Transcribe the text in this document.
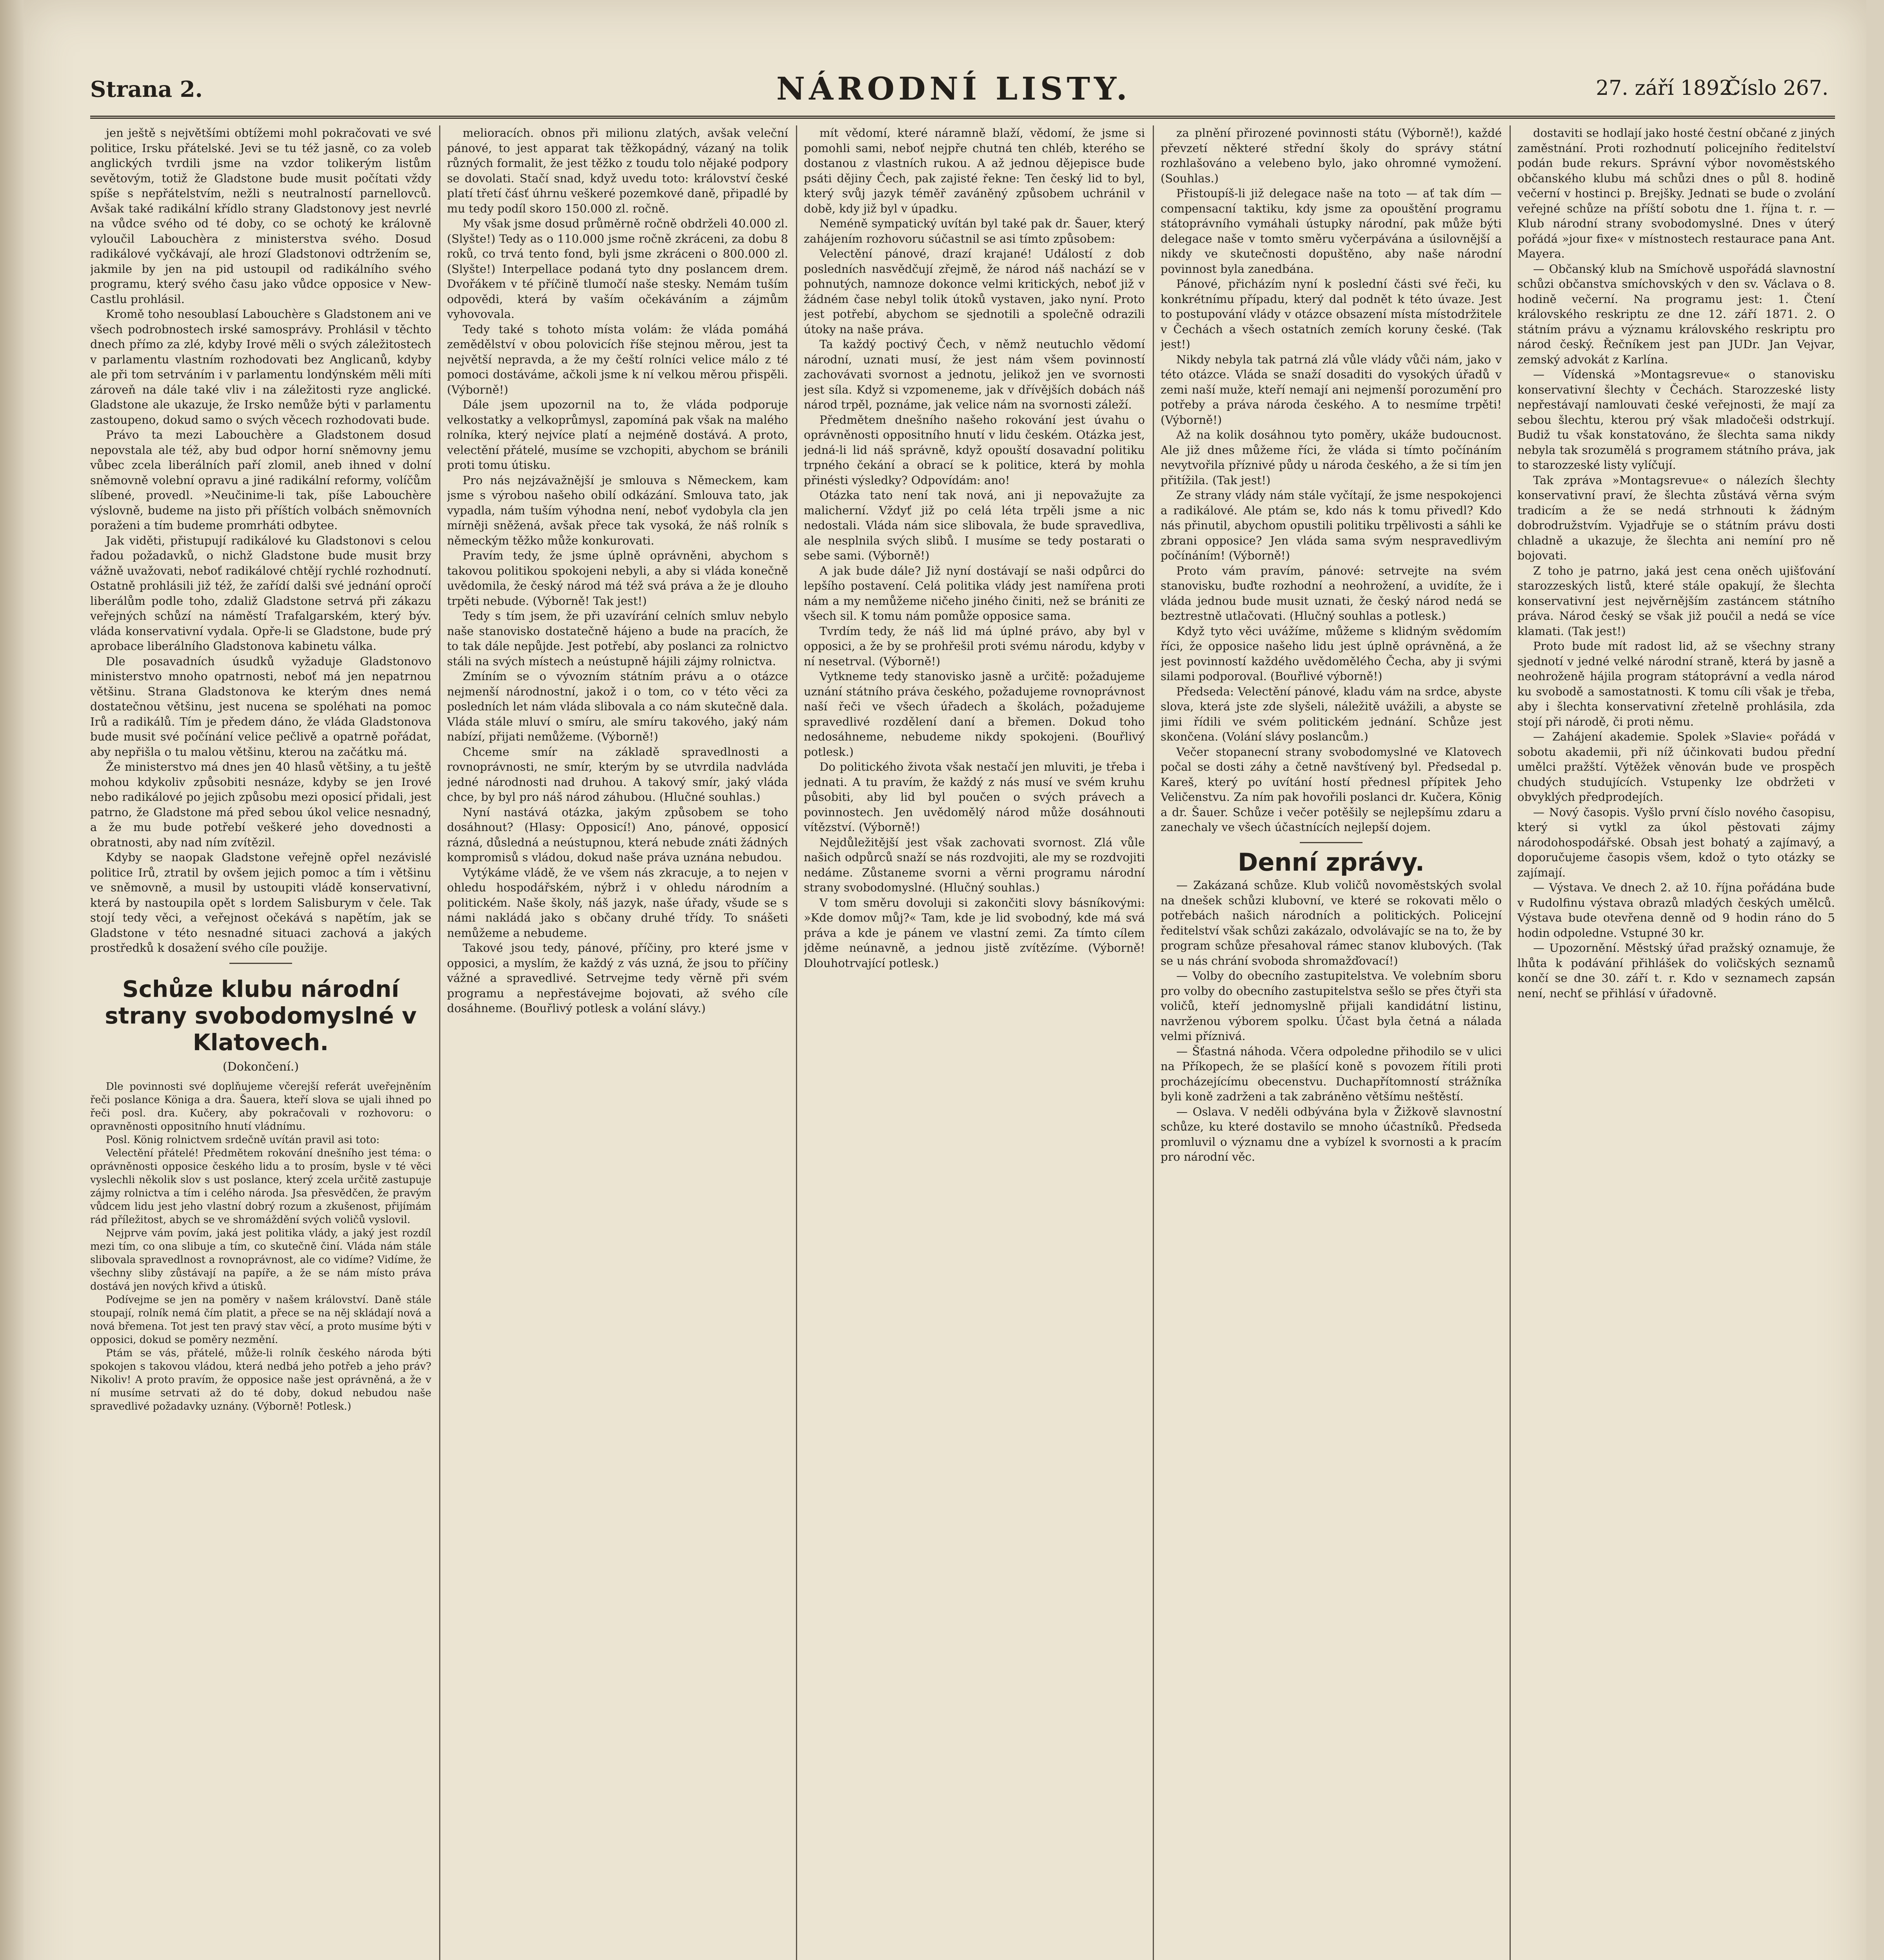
Strana 2.	NÁRODNÍ LISTY.	27. září 1892.
Číslo 267.

jen ještě s největšími obtížemi mohl pokračovati ve své politice, Irsku přátelské. Jevi se tu též jasně, co za voleb anglických tvrdili jsme na vzdor tolikerým listům sevětovým, totiž že Gladstone bude musit počítati vždy spíše s nepřátelstvím, nežli s neutralností parnellovců. Avšak také radikální křídlo strany Gladstonovy jest nevrlé na vůdce svého od té doby, co se ochotý ke královně vyloučil Labouchèra z ministerstva svého. Dosud radikálové vyčkávají, ale hrozí Gladstonovi odtržením se, jakmile by jen na pid ustoupil od radikálního svého programu, který svého času jako vůdce opposice v New-Castlu prohlásil.

Kromě toho nesoublasí Labouchère s Gladstonem ani ve všech podrobnostech irské samosprávy. Prohlásil v těchto dnech přímo za zlé, kdyby Irové měli o svých záležitostech v parlamentu vlastním rozhodovati bez Anglicanů, kdyby ale při tom setrváním i v parlamentu londýnském měli míti zároveň na dále také vliv i na záležitosti ryze anglické. Gladstone ale ukazuje, že Irsko nemůže býti v parlamentu zastoupeno, dokud samo o svých věcech rozhodovati bude.

Právo ta mezi Labouchère a Gladstonem dosud nepovstala ale též, aby bud odpor horní sněmovny jemu vůbec zcela liberálních paří zlomil, aneb ihned v dolní sněmovně volební opravu a jiné radikální reformy, volíčům slíbené, provedl. »Neučinime-li tak, píše Labouchère výslovně, budeme na jisto při příštích volbách sněmovních poraženi a tím budeme promrháti odbytee.

Jak viděti, přistupují radikálové ku Gladstonovi s celou řadou požadavků, o nichž Gladstone bude musit brzy vážně uvažovati, neboť radikálové chtějí rychlé rozhodnutí. Ostatně prohlásili již též, že zařídí dalši své jednání opročí liberálům podle toho, zdaliž Gladstone setrvá při zákazu veřejných schůzí na náměstí Trafalgarském, který býv. vláda konservativní vydala. Opře-li se Gladstone, bude prý aprobace liberálního Gladstonova kabinetu válka.

Dle posavadních úsudků vyžaduje Gladstonovo ministerstvo mnoho opatrnosti, neboť má jen nepatrnou většinu. Strana Gladstonova ke kterým dnes nemá dostatečnou většinu, jest nucena se spoléhati na pomoc Irů a radikálů. Tím je předem dáno, že vláda Gladstonova bude musit své počínání velice pečlivě a opatrně pořádat, aby nepřišla o tu malou většinu, kterou na začátku má.

Že ministerstvo má dnes jen 40 hlasů většiny, a tu ještě mohou kdykoliv způsobiti nesnáze, kdyby se jen Irové nebo radikálové po jejich způsobu mezi oposicí přidali, jest patrno, že Gladstone má před sebou úkol velice nesnadný, a že mu bude potřebí veškeré jeho dovednosti a obratnosti, aby nad ním zvítězil.

Kdyby se naopak Gladstone veřejně opřel nezávislé politice Irů, ztratil by ovšem jejich pomoc a tím i většinu ve sněmovně, a musil by ustoupiti vládě konservativní, která by nastoupila opět s lordem Salisburym v čele. Tak stojí tedy věci, a veřejnost očekává s napětím, jak se Gladstone v této nesnadné situaci zachová a jakých prostředků k dosažení svého cíle použije.

Schůze klubu národní strany svobodomyslné v Klatovech.
(Dokončení.)

Dle povinnosti své doplňujeme včerejší referát uveřejněním řeči poslance Königa a dra. Šauera, kteří slova se ujali ihned po řeči posl. dra. Kučery, aby pokračovali v rozhovoru: o opravněnosti oppositního hnutí vládnímu.

Posl. König rolnictvem srdečně uvítán pravil asi toto:

Velectění přátelé! Předmětem rokování dnešního jest téma: o oprávněnosti opposice českého lidu a to prosím, bysle v té věci vyslechli několik slov s ust poslance, který zcela určitě zastupuje zájmy rolnictva a tím i celého národa. Jsa přesvědčen, že pravým vůdcem lidu jest jeho vlastní dobrý rozum a zkušenost, přijímám rád příležitost, abych se ve shromáždění svých voličů vyslovil.

Nejprve vám povím, jaká jest politika vlády, a jaký jest rozdíl mezi tím, co ona slibuje a tím, co skutečně činí. Vláda nám stále slibovala spravedlnost a rovnoprávnost, ale co vidíme? Vidíme, že všechny sliby zůstávají na papíře, a že se nám místo práva dostává jen nových křivd a útisků.

Podívejme se jen na poměry v našem království. Daně stále stoupají, rolník nemá čím platit, a přece se na něj skládají nová a nová břemena. Tot jest ten pravý stav věcí, a proto musíme býti v opposici, dokud se poměry nezmění.

Ptám se vás, přátelé, může-li rolník českého národa býti spokojen s takovou vládou, která nedbá jeho potřeb a jeho práv? Nikoliv! A proto pravím, že opposice naše jest oprávněná, a že v ní musíme setrvati až do té doby, dokud nebudou naše spravedlivé požadavky uznány. (Výborně! Potlesk.)

melioracích. obnos při milionu zlatých, avšak veleční pánové, to jest apparat tak těžkopádný, vázaný na tolik různých formalit, že jest těžko z toudu tolo nějaké podpory se dovolati. Stačí snad, když uvedu toto: království české platí třetí čásť úhrnu veškeré pozemkové daně, připadlé by mu tedy podíl skoro 150.000 zl. ročně.

My však jsme dosud průměrně ročně obdrželi 40.000 zl. (Slyšte!) Tedy as o 110.000 jsme ročně zkráceni, za dobu 8 roků, co trvá tento fond, byli jsme zkráceni o 800.000 zl. (Slyšte!) Interpellace podaná tyto dny poslancem drem. Dvořákem v té příčině tlumočí naše stesky. Nemám tuším odpovědi, která by vaším očekáváním a zájmům vyhovovala.

Tedy také s tohoto místa volám: že vláda pomáhá zemědělství v obou polovicích říše stejnou měrou, jest ta největší nepravda, a že my čeští rolníci velice málo z té pomoci dostáváme, ačkoli jsme k ní velkou měrou přispěli. (Výborně!)

Dále jsem upozornil na to, že vláda podporuje velkostatky a velkoprůmysl, zapomíná pak však na malého rolníka, který nejvíce platí a nejméně dostává. A proto, velectění přátelé, musíme se vzchopiti, abychom se bránili proti tomu útisku.

Pro nás nejzávažnější je smlouva s Německem, kam jsme s výrobou našeho obilí odkázání. Smlouva tato, jak vypadla, nám tuším výhodna není, neboť vydobyla cla jen mírněji sněžená, avšak přece tak vysoká, že náš rolník s německým těžko může konkurovati.

Pravím tedy, že jsme úplně oprávněni, abychom s takovou politikou spokojeni nebyli, a aby si vláda konečně uvědomila, že český národ má též svá práva a že je dlouho trpěti nebude. (Výborně! Tak jest!)

Tedy s tím jsem, že při uzavírání celních smluv nebylo naše stanovisko dostatečně hájeno a bude na pracích, že to tak dále nepůjde. Jest potřebí, aby poslanci za rolnictvo stáli na svých místech a neústupně hájili zájmy rolnictva.

Zmíním se o vývozním státním právu a o otázce nejmenší národnostní, jakož i o tom, co v této věci za posledních let nám vláda slibovala a co nám skutečně dala. Vláda stále mluví o smíru, ale smíru takového, jaký nám nabízí, přijati nemůžeme. (Výborně!)

Chceme smír na základě spravedlnosti a rovnoprávnosti, ne smír, kterým by se utvrdila nadvláda jedné národnosti nad druhou. A takový smír, jaký vláda chce, by byl pro náš národ záhubou. (Hlučné souhlas.)

Nyní nastává otázka, jakým způsobem se toho dosáhnout? (Hlasy: Opposicí!) Ano, pánové, opposicí rázná, důsledná a neústupnou, která nebude znáti žádných kompromisů s vládou, dokud naše práva uznána nebudou.

Vytýkáme vládě, že ve všem nás zkracuje, a to nejen v ohledu hospodářském, nýbrž i v ohledu národním a politickém. Naše školy, náš jazyk, naše úřady, všude se s námi nakládá jako s občany druhé třídy. To snášeti nemůžeme a nebudeme.

Takové jsou tedy, pánové, příčiny, pro které jsme v opposici, a myslím, že každý z vás uzná, že jsou to příčiny vážné a spravedlivé. Setrvejme tedy věrně při svém programu a nepřestávejme bojovati, až svého cíle dosáhneme. (Bouřlivý potlesk a volání slávy.)

mít vědomí, které náramně blaží, vědomí, že jsme si pomohli sami, neboť nejpře chutná ten chléb, kterého se dostanou z vlastních rukou. A až jednou dějepisce bude psáti dějiny Čech, pak zajisté řekne: Ten český lid to byl, který svůj jazyk téměř zaváněný způsobem uchránil v době, kdy již byl v úpadku.

Neméně sympatický uvítán byl také pak dr. Šauer, který zahájením rozhovoru súčastnil se asi tímto způsobem:

Velectění pánové, drazí krajané! Událostí z dob posledních nasvědčují zřejmě, že národ náš nachází se v pohnutých, namnoze dokonce velmi kritických, neboť již v žádném čase nebyl tolik útoků vystaven, jako nyní. Proto jest potřebí, abychom se sjednotili a společně odrazili útoky na naše práva.

Ta každý poctivý Čech, v němž neutuchlo vědomí národní, uznati musí, že jest nám všem povinností zachovávati svornost a jednotu, jelikož jen ve svornosti jest síla. Když si vzpomeneme, jak v dřívějších dobách náš národ trpěl, poznáme, jak velice nám na svornosti záleží.

Předmětem dnešního našeho rokování jest úvahu o oprávněnosti oppositního hnutí v lidu českém. Otázka jest, jedná-li lid náš správně, když opouští dosavadní politiku trpného čekání a obrací se k politice, která by mohla přinésti výsledky? Odpovídám: ano!

Otázka tato není tak nová, ani ji nepovažujte za malicherní. Vždyť již po celá léta trpěli jsme a nic nedostali. Vláda nám sice slibovala, že bude spravedliva, ale nesplnila svých slibů. I musíme se tedy postarati o sebe sami. (Výborně!)

A jak bude dále? Již nyní dostávají se naši odpůrci do lepšího postavení. Celá politika vlády jest namířena proti nám a my nemůžeme ničeho jiného činiti, než se brániti ze všech sil. K tomu nám pomůže opposice sama.

Tvrdím tedy, že náš lid má úplné právo, aby byl v opposici, a že by se prohřešil proti svému národu, kdyby v ní nesetrval. (Výborně!)

Vytkneme tedy stanovisko jasně a určitě: požadujeme uznání státního práva českého, požadujeme rovnoprávnost naší řeči ve všech úřadech a školách, požadujeme spravedlivé rozdělení daní a břemen. Dokud toho nedosáhneme, nebudeme nikdy spokojeni. (Bouřlivý potlesk.)

Do politického života však nestačí jen mluviti, je třeba i jednati. A tu pravím, že každý z nás musí ve svém kruhu působiti, aby lid byl poučen o svých právech a povinnostech. Jen uvědomělý národ může dosáhnouti vítězství. (Výborně!)

Nejdůležitější jest však zachovati svornost. Zlá vůle našich odpůrců snaží se nás rozdvojiti, ale my se rozdvojiti nedáme. Zůstaneme svorni a věrni programu národní strany svobodomyslné. (Hlučný souhlas.)

V tom směru dovoluji si zakončiti slovy básníkovými: »Kde domov můj?« Tam, kde je lid svobodný, kde má svá práva a kde je pánem ve vlastní zemi. Za tímto cílem jděme neúnavně, a jednou jistě zvítězíme. (Výborně! Dlouhotrvající potlesk.)

za plnění přirozené povinnosti státu (Výborně!), každé převzetí některé střední školy do správy státní rozhlašováno a velebeno bylo, jako ohromné vymožení. (Souhlas.)

Přistoupíš-li již delegace naše na toto — ať tak dím — compensacní taktiku, kdy jsme za opouštění programu státoprávního vymáhali ústupky národní, pak může býti delegace naše v tomto směru vyčerpávána a úsilovnější a nikdy ve skutečnosti dopuštěno, aby naše národní povinnost byla zanedbána.

Pánové, přicházím nyní k poslední části své řeči, ku konkrétnímu případu, který dal podnět k této úvaze. Jest to postupování vlády v otázce obsazení místa místodržitele v Čechách a všech ostatních zemích koruny české. (Tak jest!)

Nikdy nebyla tak patrná zlá vůle vlády vůči nám, jako v této otázce. Vláda se snaží dosaditi do vysokých úřadů v zemi naší muže, kteří nemají ani nejmenší porozumění pro potřeby a práva národa českého. A to nesmíme trpěti! (Výborně!)

Až na kolik dosáhnou tyto poměry, ukáže budoucnost. Ale již dnes můžeme říci, že vláda si tímto počínáním nevytvořila příznivé půdy u národa českého, a že si tím jen přitížila. (Tak jest!)

Ze strany vlády nám stále vyčítají, že jsme nespokojenci a radikálové. Ale ptám se, kdo nás k tomu přivedl? Kdo nás přinutil, abychom opustili politiku trpělivosti a sáhli ke zbrani opposice? Jen vláda sama svým nespravedlivým počínáním! (Výborně!)

Proto vám pravím, pánové: setrvejte na svém stanovisku, buďte rozhodní a neohrožení, a uvidíte, že i vláda jednou bude musit uznati, že český národ nedá se beztrestně utlačovati. (Hlučný souhlas a potlesk.)

Když tyto věci uvážíme, můžeme s klidným svědomím říci, že opposice našeho lidu jest úplně oprávněná, a že jest povinností každého uvědomělého Čecha, aby ji svými silami podporoval. (Bouřlivé výborně!)

Předseda: Velectění pánové, kladu vám na srdce, abyste slova, která jste zde slyšeli, náležitě uvážili, a abyste se jimi řídili ve svém politickém jednání. Schůze jest skončena. (Volání slávy poslancům.)

Večer stopanecní strany svobodomyslné ve Klatovech počal se dosti záhy a četně navštívený byl. Předsedal p. Kareš, který po uvítání hostí přednesl přípitek Jeho Veličenstvu. Za ním pak hovořili poslanci dr. Kučera, König a dr. Šauer. Schůze i večer potěšily se nejlepšímu zdaru a zanechaly ve všech účastnících nejlepší dojem.

Denní zprávy.

— Zakázaná schůze. Klub voličů novoměstských svolal na dnešek schůzi klubovní, ve které se rokovati mělo o potřebách našich národních a politických. Policejní ředitelství však schůzi zakázalo, odvolávajíc se na to, že by program schůze přesahoval rámec stanov klubových. (Tak se u nás chrání svoboda shromažďovací!)

— Volby do obecního zastupitelstva. Ve volebním sboru pro volby do obecního zastupitelstva sešlo se přes čtyři sta voličů, kteří jednomyslně přijali kandidátní listinu, navrženou výborem spolku. Účast byla četná a nálada velmi příznivá.

— Šťastná náhoda. Včera odpoledne přihodilo se v ulici na Příkopech, že se plašící koně s povozem řítili proti procházejícímu obecenstvu. Duchapřítomností strážníka byli koně zadrženi a tak zabráněno většímu neštěstí.

— Oslava. V neděli odbývána byla v Žižkově slavnostní schůze, ku které dostavilo se mnoho účastníků. Předseda promluvil o významu dne a vybízel k svornosti a k pracím pro národní věc.

dostaviti se hodlají jako hosté čestní občané z jiných zaměstnání. Proti rozhodnutí policejního ředitelství podán bude rekurs. Správní výbor novoměstského občanského klubu má schůzi dnes o půl 8. hodině večerní v hostinci p. Brejšky. Jednati se bude o zvolání veřejné schůze na příští sobotu dne 1. října t. r. — Klub národní strany svobodomyslné. Dnes v úterý pořádá »jour fixe« v místnostech restaurace pana Ant. Mayera.

— Občanský klub na Smíchově uspořádá slavnostní schůzi občanstva smíchovských v den sv. Václava o 8. hodině večerní. Na programu jest: 1. Čtení královského reskriptu ze dne 12. září 1871. 2. O státním právu a významu královského reskriptu pro národ český. Řečníkem jest pan JUDr. Jan Vejvar, zemský advokát z Karlína.

— Vídenská »Montagsrevue« o stanovisku konservativní šlechty v Čechách. Starozzeské listy nepřestávají namlouvati české veřejnosti, že mají za sebou šlechtu, kterou prý však mladočeši odstrkují. Budiž tu však konstatováno, že šlechta sama nikdy nebyla tak srozumělá s programem státního práva, jak to starozzeské listy vylíčují.

Tak zpráva »Montagsrevue« o nálezích šlechty konservativní praví, že šlechta zůstává věrna svým tradicím a že se nedá strhnouti k žádným dobrodružstvím. Vyjadřuje se o státním právu dosti chladně a ukazuje, že šlechta ani nemíní pro ně bojovati.

Z toho je patrno, jaká jest cena oněch ujišťování starozzeských listů, které stále opakují, že šlechta konservativní jest nejvěrnějším zastáncem státního práva. Národ český se však již poučil a nedá se více klamati. (Tak jest!)

Proto bude mít radost lid, až se všechny strany sjednotí v jedné velké národní straně, která by jasně a neohroženě hájila program státoprávní a vedla národ ku svobodě a samostatnosti. K tomu cíli však je třeba, aby i šlechta konservativní zřetelně prohlásila, zda stojí při národě, či proti němu.

— Zahájení akademie. Spolek »Slavie« pořádá v sobotu akademii, při níž účinkovati budou přední umělci pražští. Výtěžek věnován bude ve prospěch chudých studujících. Vstupenky lze obdržeti v obvyklých předprodejích.

— Nový časopis. Vyšlo první číslo nového časopisu, který si vytkl za úkol pěstovati zájmy národohospodářské. Obsah jest bohatý a zajímavý, a doporučujeme časopis všem, kdož o tyto otázky se zajímají.

— Výstava. Ve dnech 2. až 10. října pořádána bude v Rudolfinu výstava obrazů mladých českých umělců. Výstava bude otevřena denně od 9 hodin ráno do 5 hodin odpoledne. Vstupné 30 kr.

— Upozornění. Městský úřad pražský oznamuje, že lhůta k podávání přihlášek do voličských seznamů končí se dne 30. září t. r. Kdo v seznamech zapsán není, nechť se přihlásí v úřadovně.
